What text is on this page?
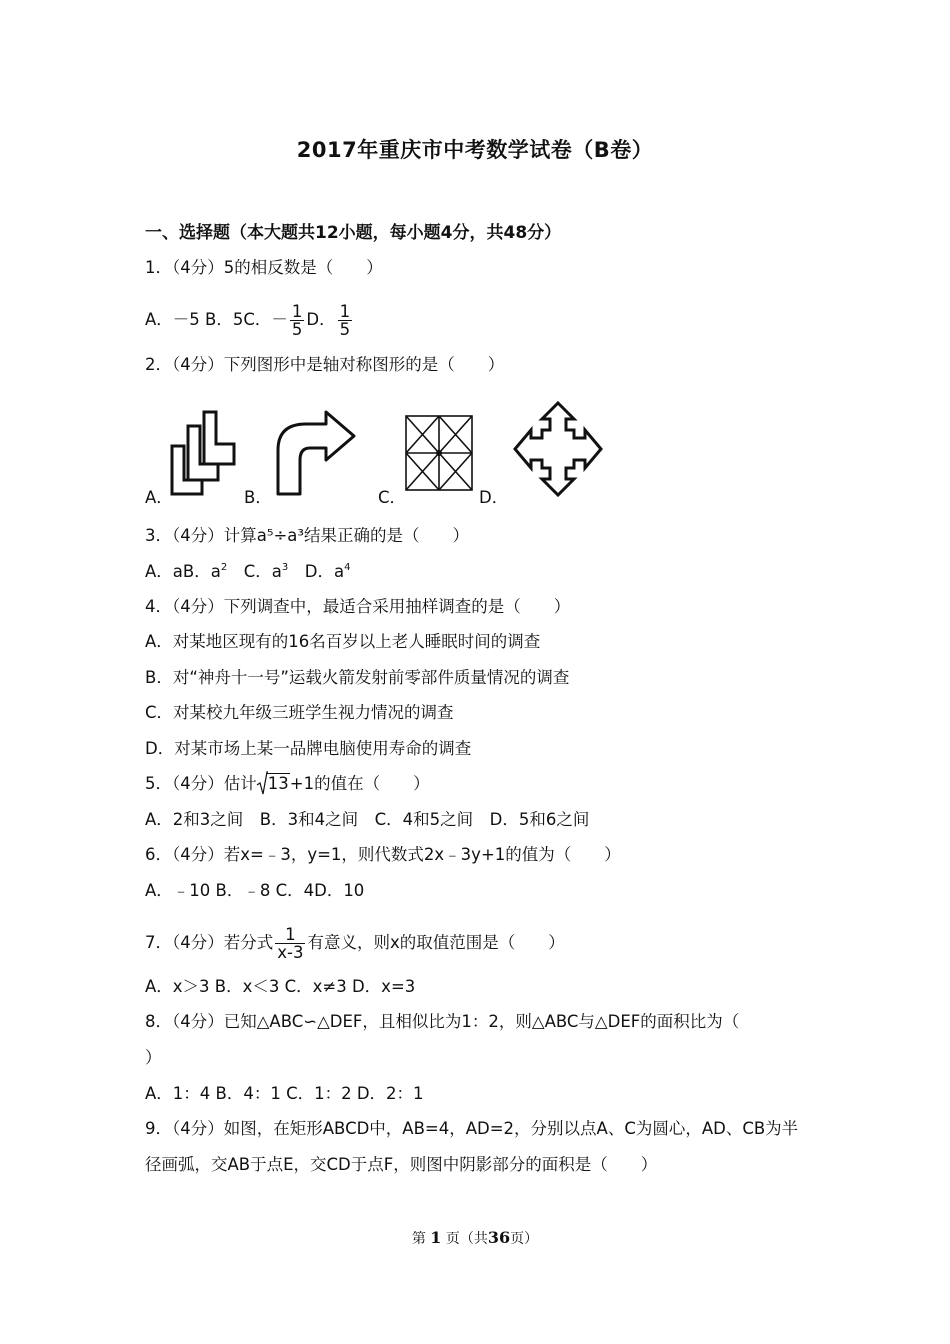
2017年重庆市中考数学试卷（B卷）
一、选择题（本大题共12小题，每小题4分，共48分）
1．（4分）5的相反数是（　　）
A．－5 B．5C．－ $\frac{1}{5}$ D． $\frac{1}{5}$
2．（4分）下列图形中是轴对称图形的是（　　）
A．	B．	C．	D．
3．（4分）计算a⁵÷a³结果正确的是（　　）
A．aB．$a^2$　C．$a^3$　D．$a^4$
4．（4分）下列调查中，最适合采用抽样调查的是（　　）
A．对某地区现有的16名百岁以上老人睡眠时间的调查
B．对“神舟十一号”运载火箭发射前零部件质量情况的调查
C．对某校九年级三班学生视力情况的调查
D．对某市场上某一品牌电脑使用寿命的调查
5．（4分）估计 13+1的值在（　　）
A．2和3之间　B．3和4之间　C．4和5之间　D．5和6之间
6．（4分）若x=﹣3，y=1，则代数式2x﹣3y+1的值为（　　）
A．﹣10 B．﹣8 C．4D．10
7．（4分）若分式 $\frac{1}{x-3}$ 有意义，则x的取值范围是（　　）
A．x＞3 B．x＜3 C．x≠3 D．x=3
8．（4分）已知△ABC∽△DEF，且相似比为1：2，则△ABC与△DEF的面积比为（
）
A．1：4 B．4：1 C．1：2 D．2：1
9．（4分）如图，在矩形ABCD中，AB=4，AD=2，分别以点A、C为圆心，AD、CB为半
径画弧，交AB于点E，交CD于点F，则图中阴影部分的面积是（　　）
第 1 页（共36页）
